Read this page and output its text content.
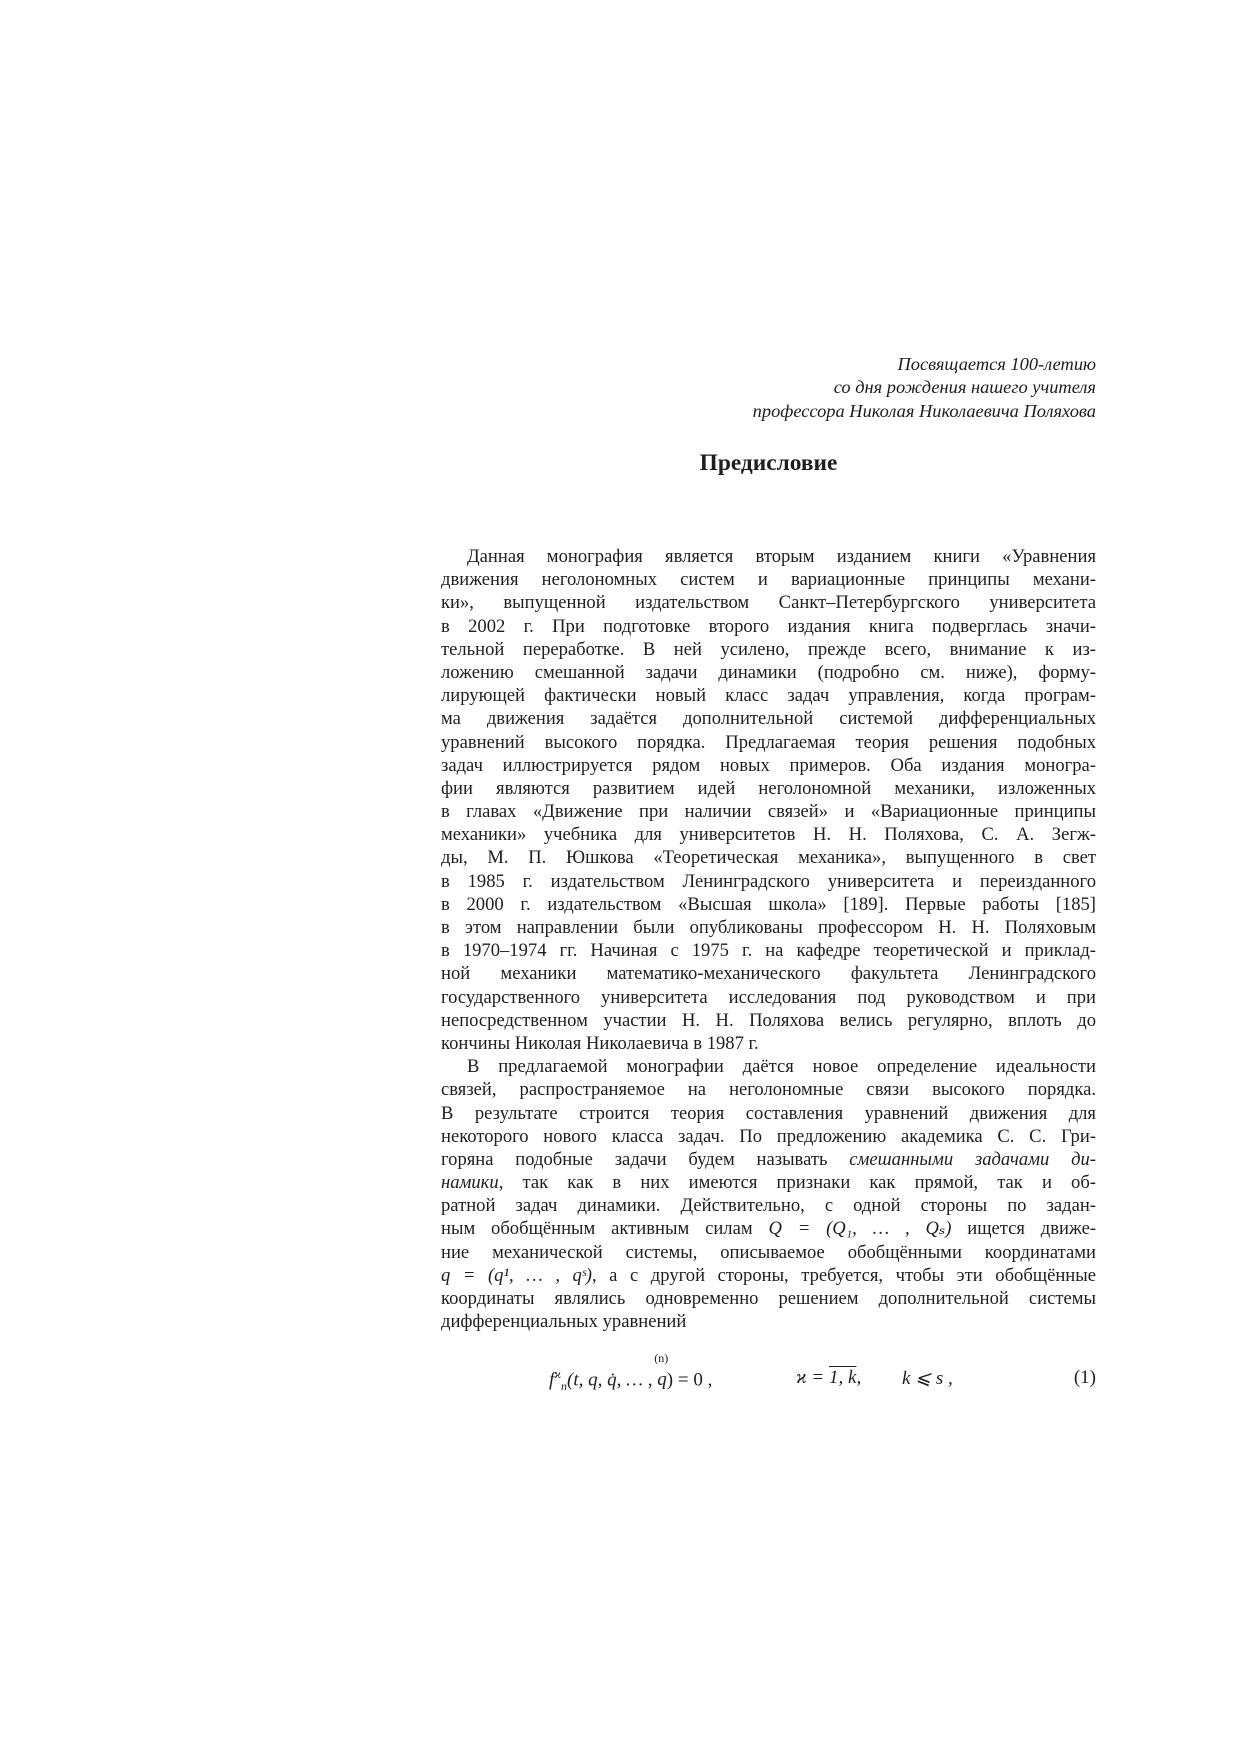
Посвящается 100-летию
со дня рождения нашего учителя
профессора Николая Николаевича Поляхова
Предисловие
Данная монография является вторым изданием книги «Уравнения
движения неголономных систем и вариационные принципы механи-
ки», выпущенной издательством Санкт–Петербургского университета
в 2002 г. При подготовке второго издания книга подверглась значи-
тельной переработке. В ней усилено, прежде всего, внимание к из-
ложению смешанной задачи динамики (подробно см. ниже), форму-
лирующей фактически новый класс задач управления, когда програм-
ма движения задаётся дополнительной системой дифференциальных
уравнений высокого порядка. Предлагаемая теория решения подобных
задач иллюстрируется рядом новых примеров. Оба издания моногра-
фии являются развитием идей неголономной механики, изложенных
в главах «Движение при наличии связей» и «Вариационные принципы
механики» учебника для университетов Н. Н. Поляхова, С. А. Зегж-
ды, М. П. Юшкова «Теоретическая механика», выпущенного в свет
в 1985 г. издательством Ленинградского университета и переизданного
в 2000 г. издательством «Высшая школа» [189]. Первые работы [185]
в этом направлении были опубликованы профессором Н. Н. Поляховым
в 1970–1974 гг. Начиная с 1975 г. на кафедре теоретической и приклад-
ной механики математико-механического факультета Ленинградского
государственного университета исследования под руководством и при
непосредственном участии Н. Н. Поляхова велись регулярно, вплоть до
кончины Николая Николаевича в 1987 г.
В предлагаемой монографии даётся новое определение идеальности
связей, распространяемое на неголономные связи высокого порядка.
В результате строится теория составления уравнений движения для
некоторого нового класса задач. По предложению академика С. С. Гри-
горяна подобные задачи будем называть смешанными задачами ди-
намики, так как в них имеются признаки как прямой, так и об-
ратной задач динамики. Действительно, с одной стороны по задан-
ным обобщённым активным силам Q = (Q₁, … , Qₛ) ищется движе-
ние механической системы, описываемое обобщёнными координатами
q = (q¹, … , qˢ), а с другой стороны, требуется, чтобы эти обобщённые
координаты являлись одновременно решением дополнительной системы
дифференциальных уравнений
$f^ϰ_n(t$, q, q̇, … ,
(n)
q) = 0 ,	ϰ = 1, k, k ⩽ s ,	(1)
